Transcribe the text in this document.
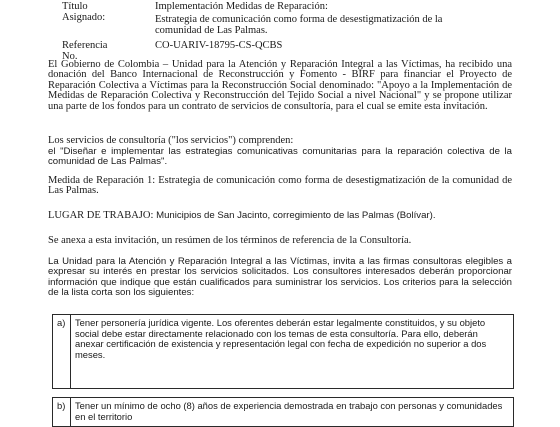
Título Asignado:
Implementación Medidas de Reparación:
Estrategia de comunicación como forma de desestigmatización de la comunidad de Las Palmas.
Referencia No.
CO-UARIV-18795-CS-QCBS
El Gobierno de Colombia – Unidad para la Atención y Reparación Integral a las Víctimas, ha recibido una donación del Banco Internacional de Reconstrucción y Fomento - BIRF para financiar el Proyecto de Reparación Colectiva a Víctimas para la Reconstrucción Social denominado: "Apoyo a la Implementación de Medidas de Reparación Colectiva y Reconstrucción del Tejido Social a nivel Nacional" y se propone utilizar una parte de los fondos para un contrato de servicios de consultoría, para el cual se emite esta invitación.
Los servicios de consultoría ("los servicios") comprenden:
el "Diseñar e implementar las estrategias comunicativas comunitarias para la reparación colectiva de la comunidad de Las Palmas".
Medida de Reparación 1: Estrategia de comunicación como forma de desestigmatización de la comunidad de Las Palmas.
LUGAR DE TRABAJO: Municipios de San Jacinto, corregimiento de las Palmas (Bolívar).
Se anexa a esta invitación, un resúmen de los términos de referencia de la Consultoría.
La Unidad para la Atención y Reparación Integral a las Víctimas, invita a las firmas consultoras elegibles a expresar su interés en prestar los servicios solicitados. Los consultores interesados deberán proporcionar información que indique que están cualificados para suministrar los servicios. Los criterios para la selección de la lista corta son los siguientes:
a) Tener personería jurídica vigente. Los oferentes deberán estar legalmente constituidos, y su objeto social debe estar directamente relacionado con los temas de esta consultoría. Para ello, deberán anexar certificación de existencia y representación legal con fecha de expedición no superior a dos meses.
b) Tener un mínimo de ocho (8) años de experiencia demostrada en trabajo con personas y comunidades en el territorio
